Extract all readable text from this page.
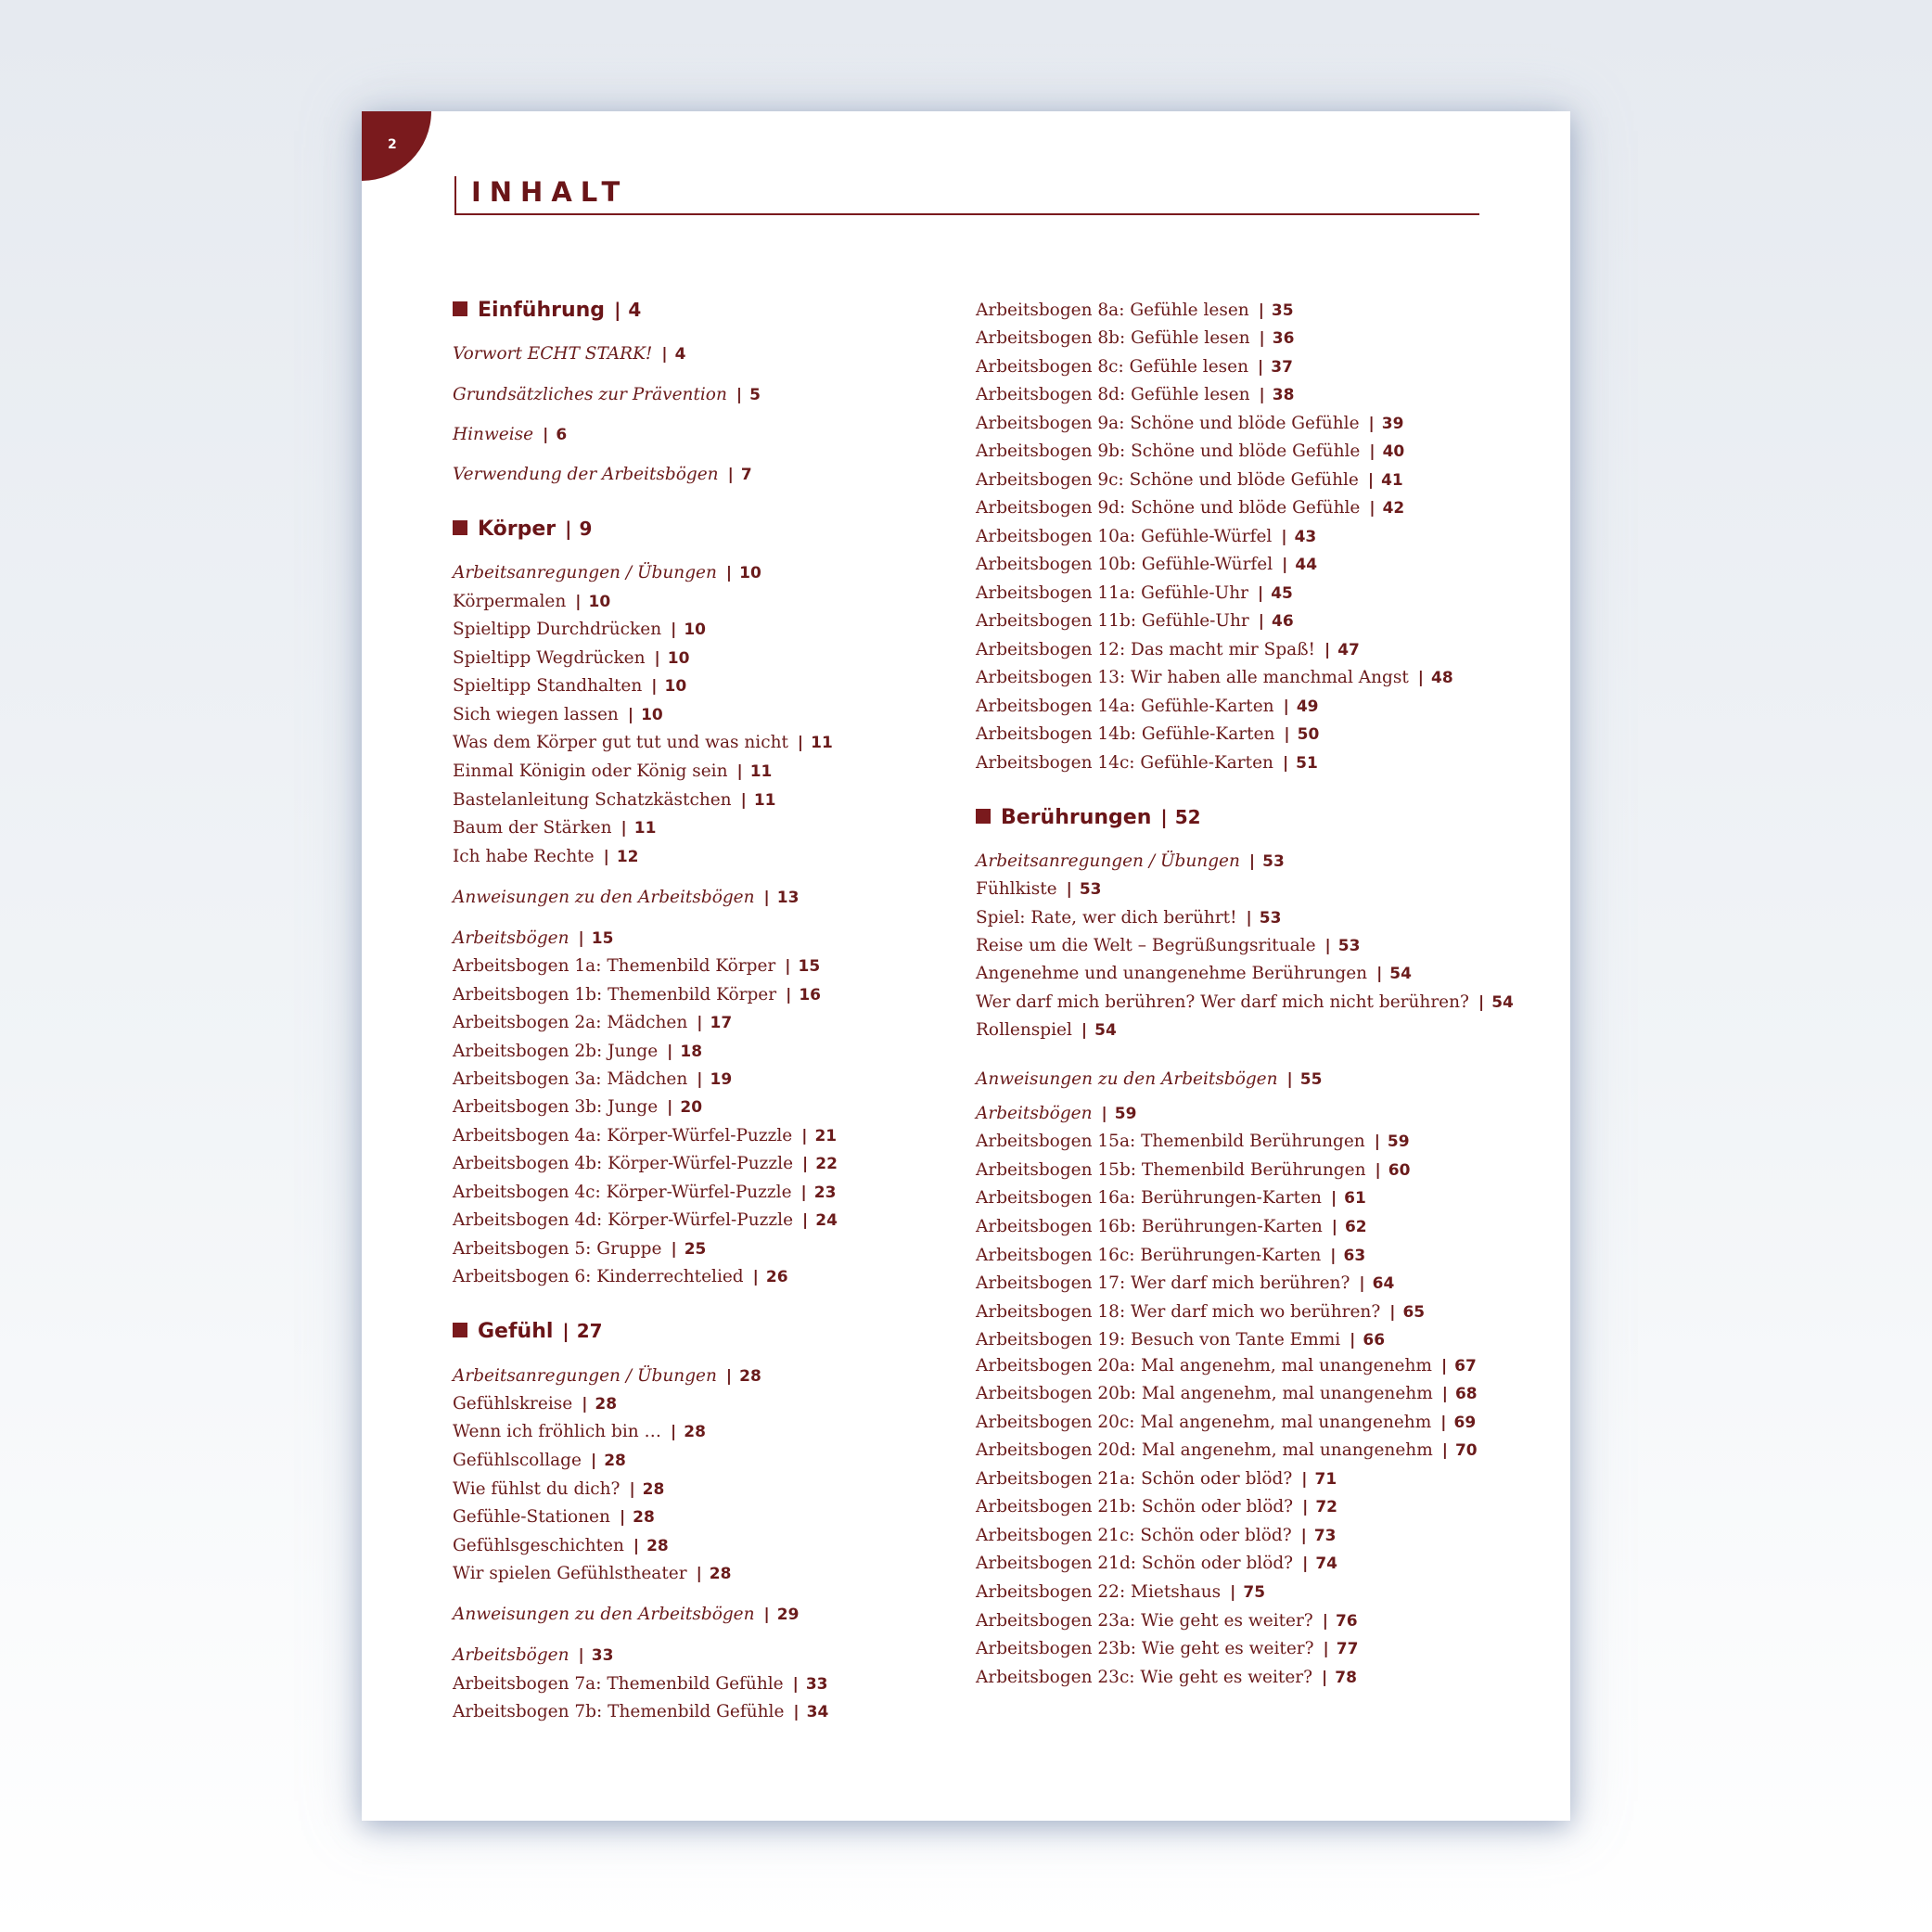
2
INHALT
Einführung | 4
Vorwort ECHT STARK! | 4
Grundsätzliches zur Prävention | 5
Hinweise | 6
Verwendung der Arbeitsbögen | 7
Körper | 9
Arbeitsanregungen / Übungen | 10
Körpermalen | 10
Spieltipp Durchdrücken | 10
Spieltipp Wegdrücken | 10
Spieltipp Standhalten | 10
Sich wiegen lassen | 10
Was dem Körper gut tut und was nicht | 11
Einmal Königin oder König sein | 11
Bastelanleitung Schatzkästchen | 11
Baum der Stärken | 11
Ich habe Rechte | 12
Anweisungen zu den Arbeitsbögen | 13
Arbeitsbögen | 15
Arbeitsbogen 1a: Themenbild Körper | 15
Arbeitsbogen 1b: Themenbild Körper | 16
Arbeitsbogen 2a: Mädchen | 17
Arbeitsbogen 2b: Junge | 18
Arbeitsbogen 3a: Mädchen | 19
Arbeitsbogen 3b: Junge | 20
Arbeitsbogen 4a: Körper-Würfel-Puzzle | 21
Arbeitsbogen 4b: Körper-Würfel-Puzzle | 22
Arbeitsbogen 4c: Körper-Würfel-Puzzle | 23
Arbeitsbogen 4d: Körper-Würfel-Puzzle | 24
Arbeitsbogen 5: Gruppe | 25
Arbeitsbogen 6: Kinderrechtelied | 26
Gefühl | 27
Arbeitsanregungen / Übungen | 28
Gefühlskreise | 28
Wenn ich fröhlich bin … | 28
Gefühlscollage | 28
Wie fühlst du dich? | 28
Gefühle-Stationen | 28
Gefühlsgeschichten | 28
Wir spielen Gefühlstheater | 28
Anweisungen zu den Arbeitsbögen | 29
Arbeitsbögen | 33
Arbeitsbogen 7a: Themenbild Gefühle | 33
Arbeitsbogen 7b: Themenbild Gefühle | 34
Arbeitsbogen 8a: Gefühle lesen | 35
Arbeitsbogen 8b: Gefühle lesen | 36
Arbeitsbogen 8c: Gefühle lesen | 37
Arbeitsbogen 8d: Gefühle lesen | 38
Arbeitsbogen 9a: Schöne und blöde Gefühle | 39
Arbeitsbogen 9b: Schöne und blöde Gefühle | 40
Arbeitsbogen 9c: Schöne und blöde Gefühle | 41
Arbeitsbogen 9d: Schöne und blöde Gefühle | 42
Arbeitsbogen 10a: Gefühle-Würfel | 43
Arbeitsbogen 10b: Gefühle-Würfel | 44
Arbeitsbogen 11a: Gefühle-Uhr | 45
Arbeitsbogen 11b: Gefühle-Uhr | 46
Arbeitsbogen 12: Das macht mir Spaß! | 47
Arbeitsbogen 13: Wir haben alle manchmal Angst | 48
Arbeitsbogen 14a: Gefühle-Karten | 49
Arbeitsbogen 14b: Gefühle-Karten | 50
Arbeitsbogen 14c: Gefühle-Karten | 51
Berührungen | 52
Arbeitsanregungen / Übungen | 53
Fühlkiste | 53
Spiel: Rate, wer dich berührt! | 53
Reise um die Welt – Begrüßungsrituale | 53
Angenehme und unangenehme Berührungen | 54
Wer darf mich berühren? Wer darf mich nicht berühren? | 54
Rollenspiel | 54
Anweisungen zu den Arbeitsbögen | 55
Arbeitsbögen | 59
Arbeitsbogen 15a: Themenbild Berührungen | 59
Arbeitsbogen 15b: Themenbild Berührungen | 60
Arbeitsbogen 16a: Berührungen-Karten | 61
Arbeitsbogen 16b: Berührungen-Karten | 62
Arbeitsbogen 16c: Berührungen-Karten | 63
Arbeitsbogen 17: Wer darf mich berühren? | 64
Arbeitsbogen 18: Wer darf mich wo berühren? | 65
Arbeitsbogen 19: Besuch von Tante Emmi | 66
Arbeitsbogen 20a: Mal angenehm, mal unangenehm | 67
Arbeitsbogen 20b: Mal angenehm, mal unangenehm | 68
Arbeitsbogen 20c: Mal angenehm, mal unangenehm | 69
Arbeitsbogen 20d: Mal angenehm, mal unangenehm | 70
Arbeitsbogen 21a: Schön oder blöd? | 71
Arbeitsbogen 21b: Schön oder blöd? | 72
Arbeitsbogen 21c: Schön oder blöd? | 73
Arbeitsbogen 21d: Schön oder blöd? | 74
Arbeitsbogen 22: Mietshaus | 75
Arbeitsbogen 23a: Wie geht es weiter? | 76
Arbeitsbogen 23b: Wie geht es weiter? | 77
Arbeitsbogen 23c: Wie geht es weiter? | 78
